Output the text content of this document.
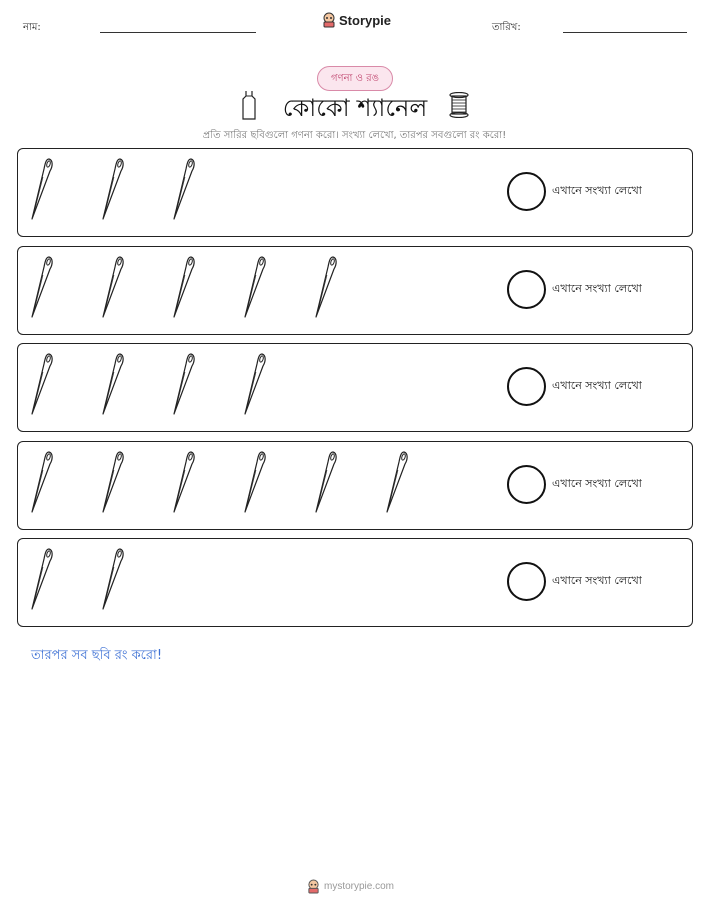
নাম:	Storypie	তারিখ:
গণনা ও রঙ
কোকো শ্যানেল
প্রতি সারির ছবিগুলো গণনা করো। সংখ্যা লেখো, তারপর সবগুলো রং করো!
এখানে সংখ্যা লেখো
এখানে সংখ্যা লেখো
এখানে সংখ্যা লেখো
এখানে সংখ্যা লেখো
এখানে সংখ্যা লেখো
তারপর সব ছবি রং করো!
mystorypie.com
